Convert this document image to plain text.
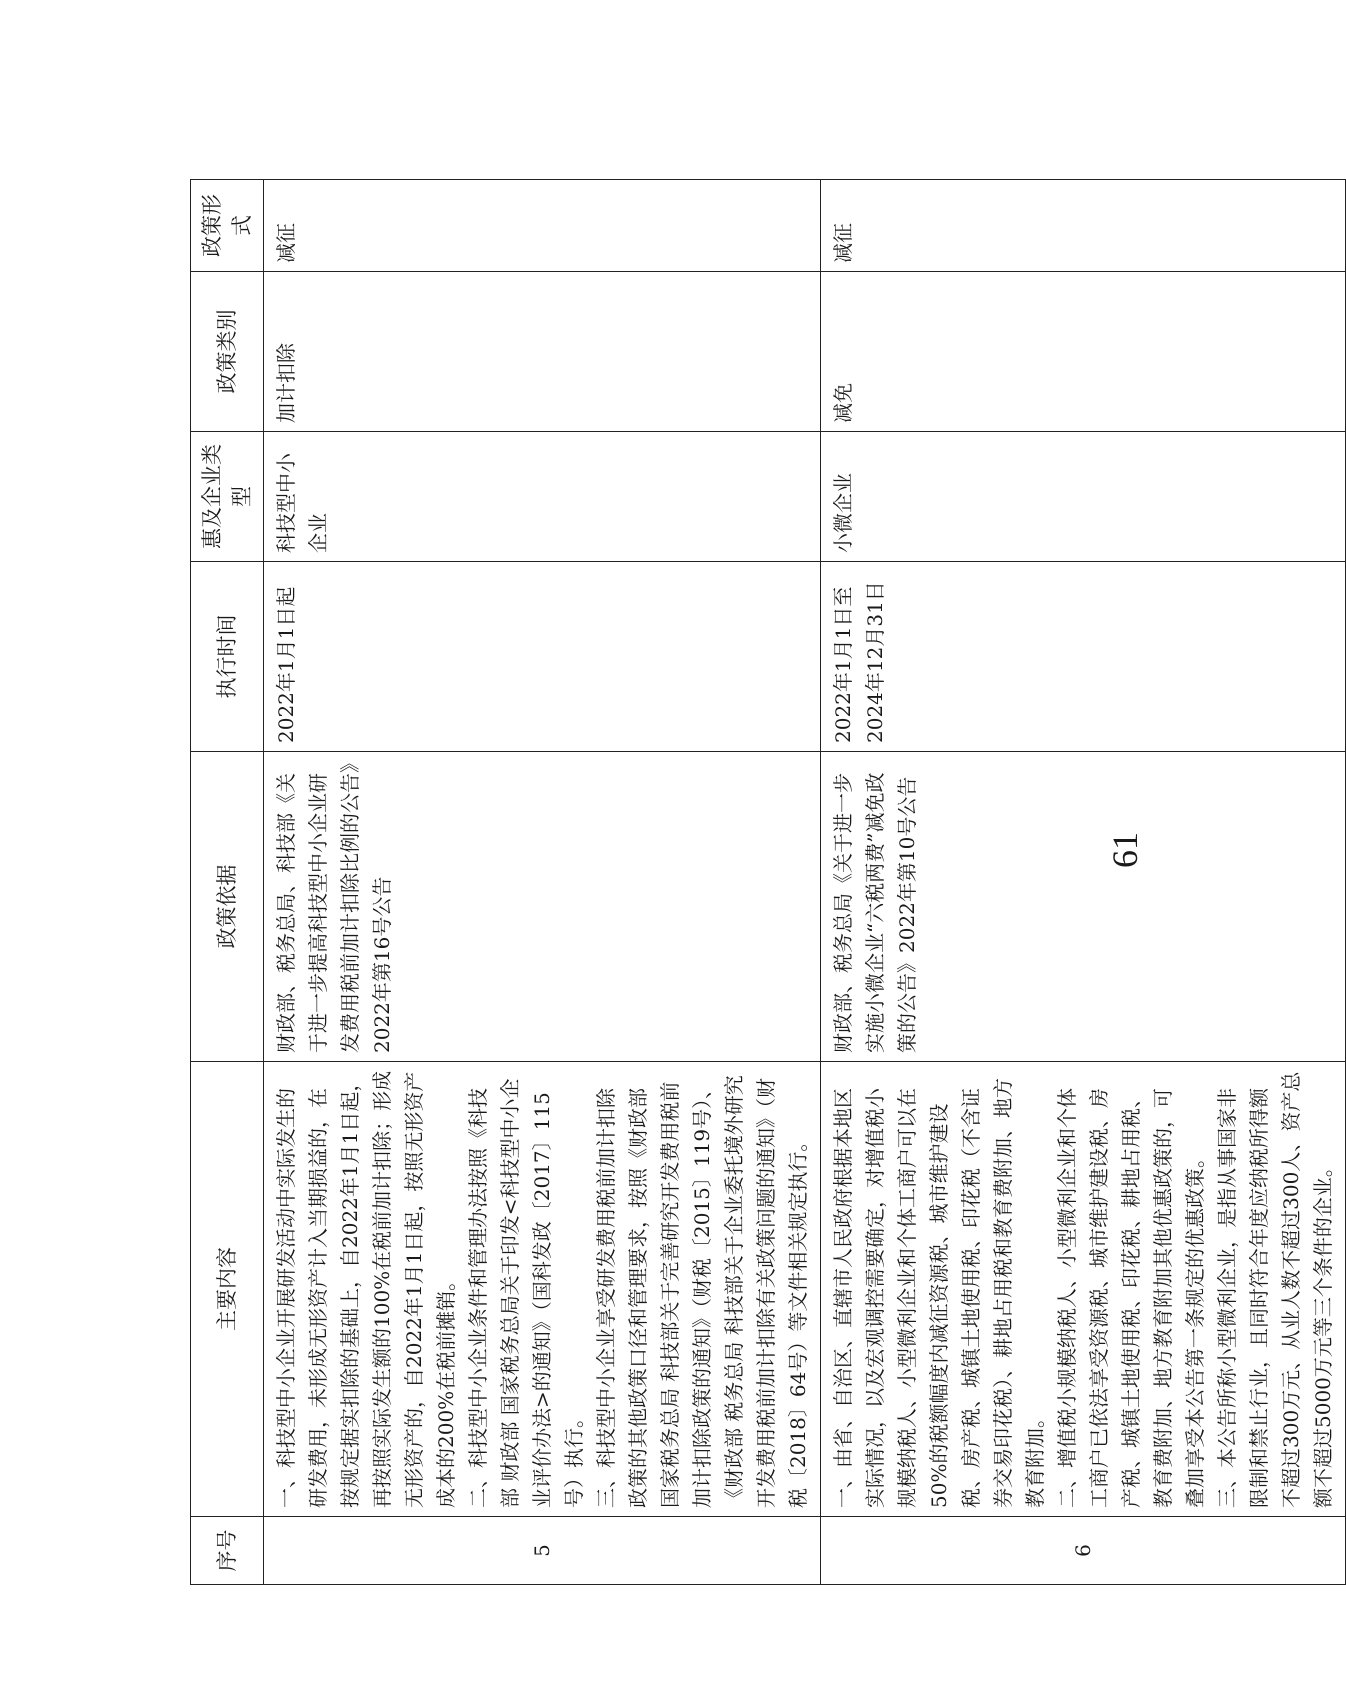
序号	主要内容	政策依据	执行时间	惠及企业类型	政策类别	政策形式
5	一、科技型中小企业开展研发活动中实际发生的研发费用，未形成无形资产计入当期损益的，在按规定据实扣除的基础上，自2022年1月1日起，再按照实际发生额的100%在税前加计扣除；形成无形资产的，自2022年1月1日起，按照无形资产成本的200%在税前摊销。 二、科技型中小企业条件和管理办法按照《科技部 财政部 国家税务总局关于印发<科技型中小企业评价办法>的通知》（国科发政〔2017〕115号）执行。 三、科技型中小企业享受研发费用税前加计扣除政策的其他政策口径和管理要求，按照《财政部 国家税务总局 科技部关于完善研究开发费用税前加计扣除政策的通知》（财税〔2015〕119号）、《财政部 税务总局 科技部关于企业委托境外研究开发费用税前加计扣除有关政策问题的通知》（财税〔2018〕64号）等文件相关规定执行。	财政部、税务总局、科技部《关于进一步提高科技型中小企业研发费用税前加计扣除比例的公告》2022年第16号公告	2022年1月1日起	科技型中小企业	加计扣除	减征
6	一、由省、自治区、直辖市人民政府根据本地区实际情况，以及宏观调控需要确定，对增值税小规模纳税人、小型微利企业和个体工商户可以在50%的税额幅度内减征资源税、城市维护建设税、房产税、城镇土地使用税、印花税（不含证券交易印花税）、耕地占用税和教育费附加、地方教育附加。 二、增值税小规模纳税人、小型微利企业和个体工商户已依法享受资源税、城市维护建设税、房产税、城镇土地使用税、印花税、耕地占用税、教育费附加、地方教育附加其他优惠政策的，可叠加享受本公告第一条规定的优惠政策。 三、本公告所称小型微利企业，是指从事国家非限制和禁止行业，且同时符合年度应纳税所得额不超过300万元、从业人数不超过300人、资产总额不超过5000万元等三个条件的企业。	财政部、税务总局《关于进一步实施小微企业“六税两费”减免政策的公告》2022年第10号公告	2022年1月1日至2024年12月31日	小微企业	减免	减征
61
